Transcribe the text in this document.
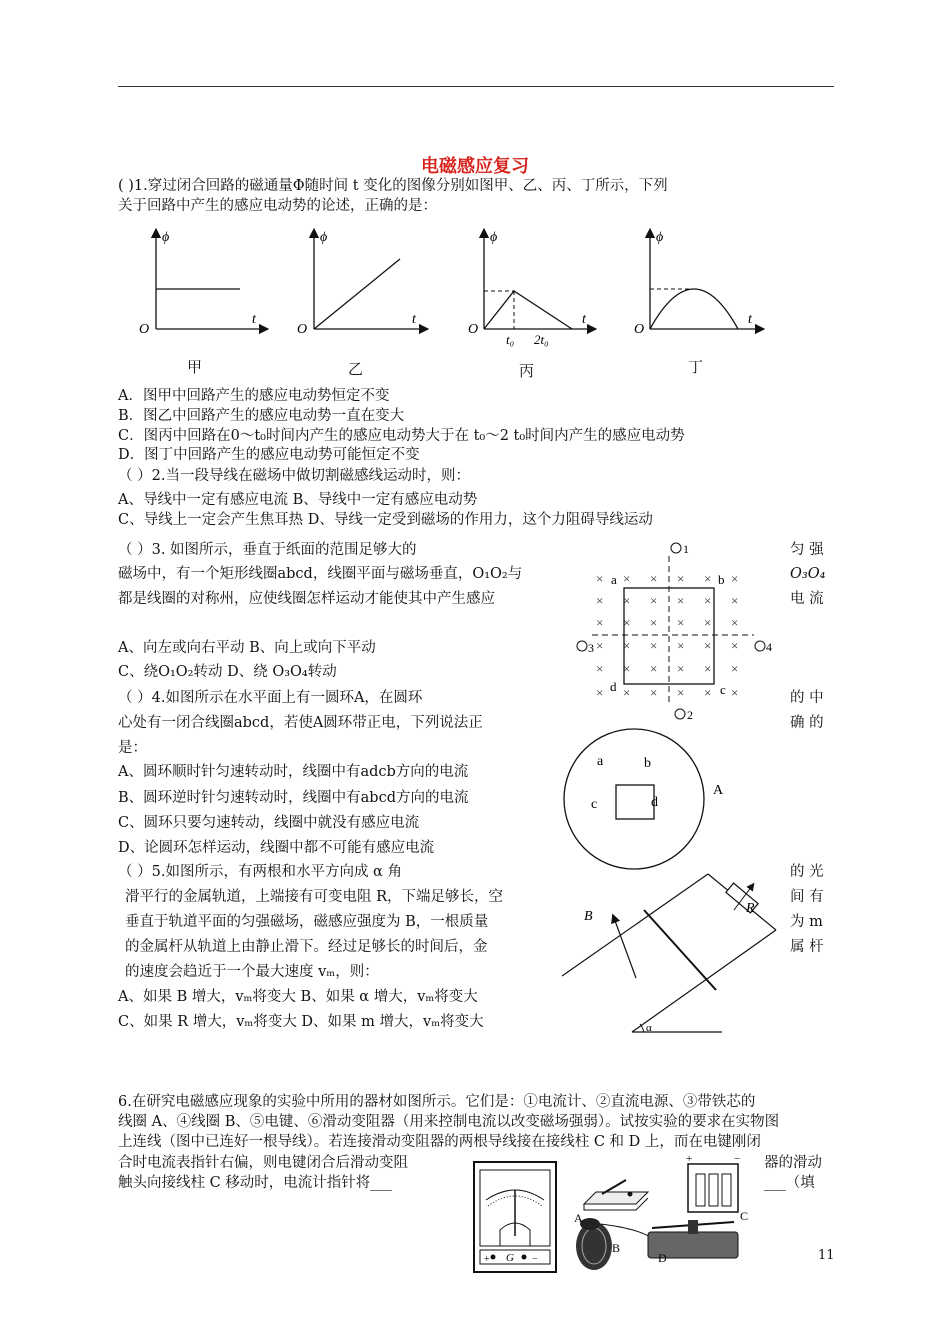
电磁感应复习
( )1.穿过闭合回路的磁通量Φ随时间 t 变化的图像分别如图甲、乙、丙、丁所示，下列
关于回路中产生的感应电动势的论述，正确的是：
ϕ
t
O
ϕ
t
O
ϕ
t
O
t₀ 2t₀
ϕ
t
O
甲	乙	丙	丁
A．图甲中回路产生的感应电动势恒定不变
B．图乙中回路产生的感应电动势一直在变大
C．图丙中回路在0～t₀时间内产生的感应电动势大于在 t₀～2 t₀时间内产生的感应电动势
D．图丁中回路产生的感应电动势可能恒定不变
（ ）2.当一段导线在磁场中做切割磁感线运动时，则：
A、导线中一定有感应电流 B、导线中一定有感应电动势
C、导线上一定会产生焦耳热 D、导线一定受到磁场的作用力，这个力阻碍导线运动
（ ）3. 如图所示，垂直于纸面的范围足够大的	匀 强
磁场中，有一个矩形线圈abcd，线圈平面与磁场垂直，O₁O₂与	O₃O₄
都是线圈的对称州，应使线圈怎样运动才能使其中产生感应	电 流
A、向左或向右平动 B、向上或向下平动
C、绕O₁O₂转动 D、绕 O₃O₄转动
× × × × × ×
× × × × × ×
× × × × × ×
× × × × × ×
× × × × × ×
× × × × × ×
1
2
3	4
a	b
c
d
（ ）4.如图所示在水平面上有一圆环A，在圆环	的 中
心处有一闭合线圈abcd，若使A圆环带正电，下列说法正	确 的
是：
A、圆环顺时针匀速转动时，线圈中有adcb方向的电流
B、圆环逆时针匀速转动时，线圈中有abcd方向的电流
C、圆环只要匀速转动，线圈中就没有感应电流
D、论圆环怎样运动，线圈中都不可能有感应电流
a	b
c	d
A
（ ）5.如图所示，有两根和水平方向成 α 角	的 光
滑平行的金属轨道，上端接有可变电阻 R，下端足够长，空	间 有
垂直于轨道平面的匀强磁场，磁感应强度为 B，一根质量	为 m
的金属杆从轨道上由静止滑下。经过足够长的时间后，金	属 杆
的速度会趋近于一个最大速度 vₘ，则：
A、如果 B 增大，vₘ将变大 B、如果 α 增大，vₘ将变大
C、如果 R 增大，vₘ将变大 D、如果 m 增大，vₘ将变大
B
R
α
6.在研究电磁感应现象的实验中所用的器材如图所示。它们是：①电流计、②直流电源、③带铁芯的
线圈 A、④线圈 B、⑤电键、⑥滑动变阻器（用来控制电流以改变磁场强弱）。试按实验的要求在实物图
上连线（图中已连好一根导线）。若连接滑动变阻器的两根导线接在接线柱 C 和 D 上，而在电键刚闭
合时电流表指针右偏，则电键闭合后滑动变阻	器的滑动
触头向接线柱 C 移动时，电流计指针将___	___（填
+ G −
+	−
A
B
C
D	11
